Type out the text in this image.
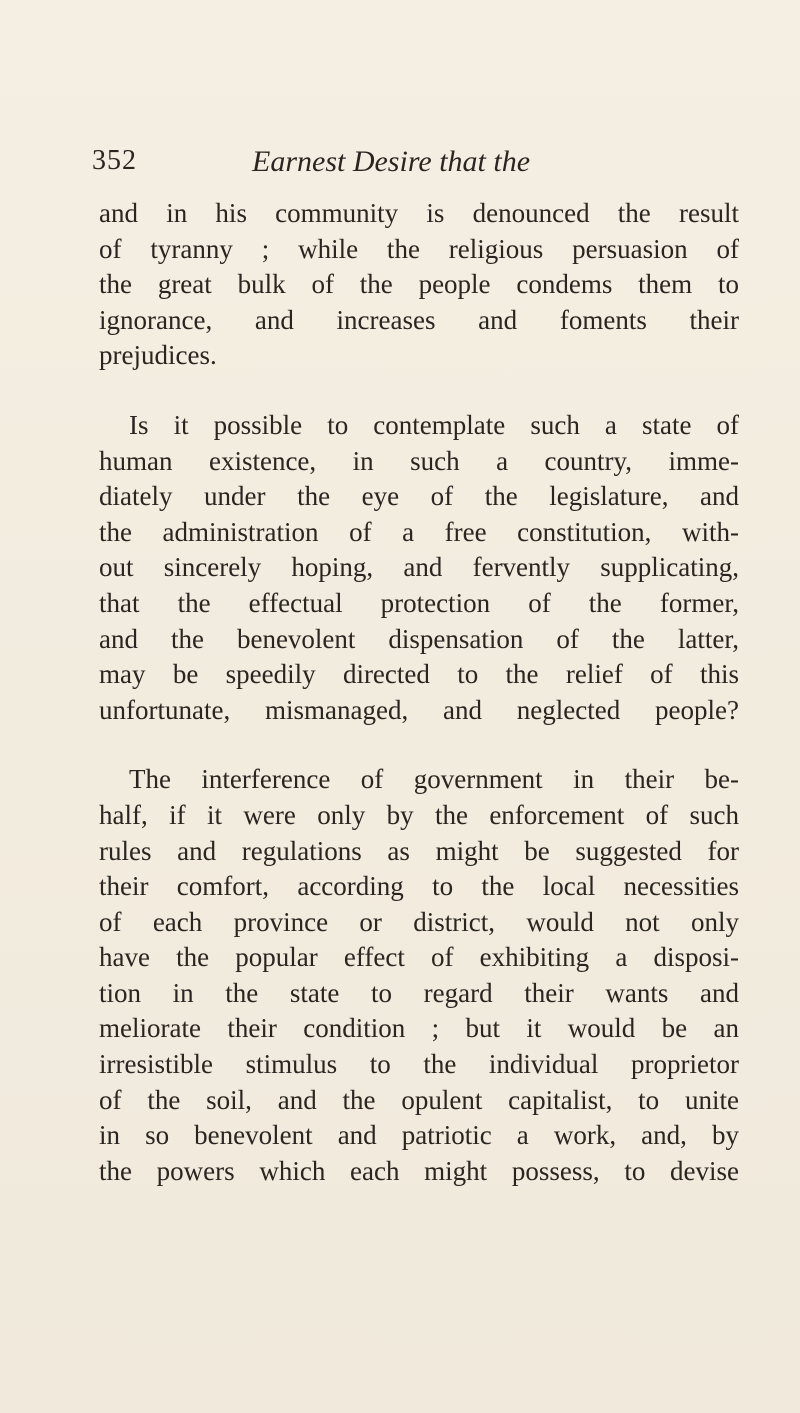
352	Earnest Desire that the

and in his community is denounced the result
of tyranny ; while the religious persuasion of
the great bulk of the people condems them to
ignorance, and increases and foments their
prejudices.

Is it possible to contemplate such a state of
human existence, in such a country, imme-
diately under the eye of the legislature, and
the administration of a free constitution, with-
out sincerely hoping, and fervently supplicating,
that the effectual protection of the former,
and the benevolent dispensation of the latter,
may be speedily directed to the relief of this
unfortunate, mismanaged, and neglected people?

The interference of government in their be-
half, if it were only by the enforcement of such
rules and regulations as might be suggested for
their comfort, according to the local necessities
of each province or district, would not only
have the popular effect of exhibiting a disposi-
tion in the state to regard their wants and
meliorate their condition ; but it would be an
irresistible stimulus to the individual proprietor
of the soil, and the opulent capitalist, to unite
in so benevolent and patriotic a work, and, by
the powers which each might possess, to devise
